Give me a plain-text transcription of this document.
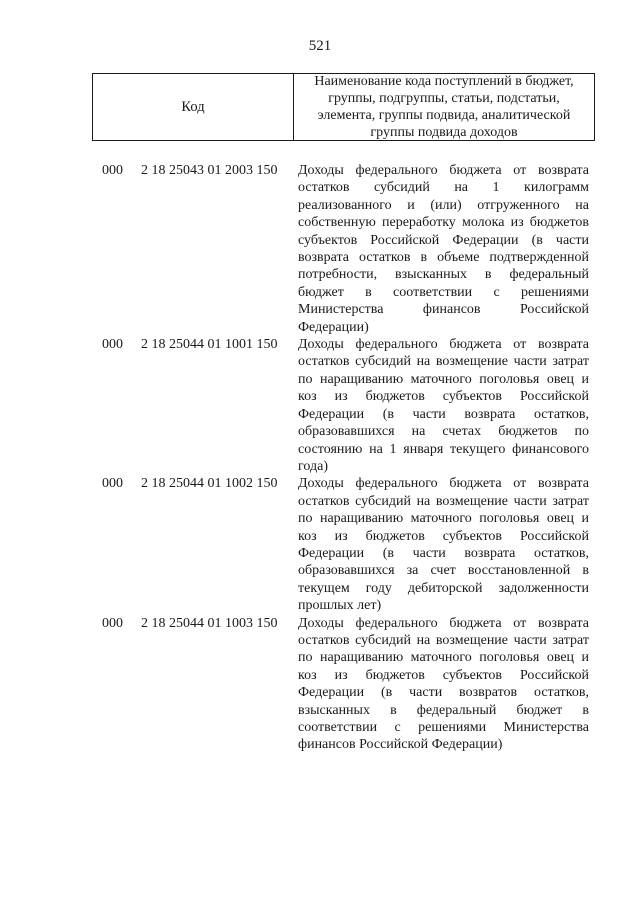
521
Код
Наименование кода поступлений в бюджет, группы, подгруппы, статьи, подстатьи, элемента, группы подвида, аналитической группы подвида доходов
000 2 18 25043 01 2003 150 Доходы федерального бюджета от возврата остатков субсидий на 1 килограмм реализованного и (или) отгруженного на собственную переработку молока из бюджетов субъектов Российской Федерации (в части возврата остатков в объеме подтвержденной потребности, взысканных в федеральный бюджет в соответствии с решениями Министерства финансов Российской Федерации)
000 2 18 25044 01 1001 150 Доходы федерального бюджета от возврата остатков субсидий на возмещение части затрат по наращиванию маточного поголовья овец и коз из бюджетов субъектов Российской Федерации (в части возврата остатков, образовавшихся на счетах бюджетов по состоянию на 1 января текущего финансового года)
000 2 18 25044 01 1002 150 Доходы федерального бюджета от возврата остатков субсидий на возмещение части затрат по наращиванию маточного поголовья овец и коз из бюджетов субъектов Российской Федерации (в части возврата остатков, образовавшихся за счет восстановленной в текущем году дебиторской задолженности прошлых лет)
000 2 18 25044 01 1003 150 Доходы федерального бюджета от возврата остатков субсидий на возмещение части затрат по наращиванию маточного поголовья овец и коз из бюджетов субъектов Российской Федерации (в части возвратов остатков, взысканных в федеральный бюджет в соответствии с решениями Министерства финансов Российской Федерации)
